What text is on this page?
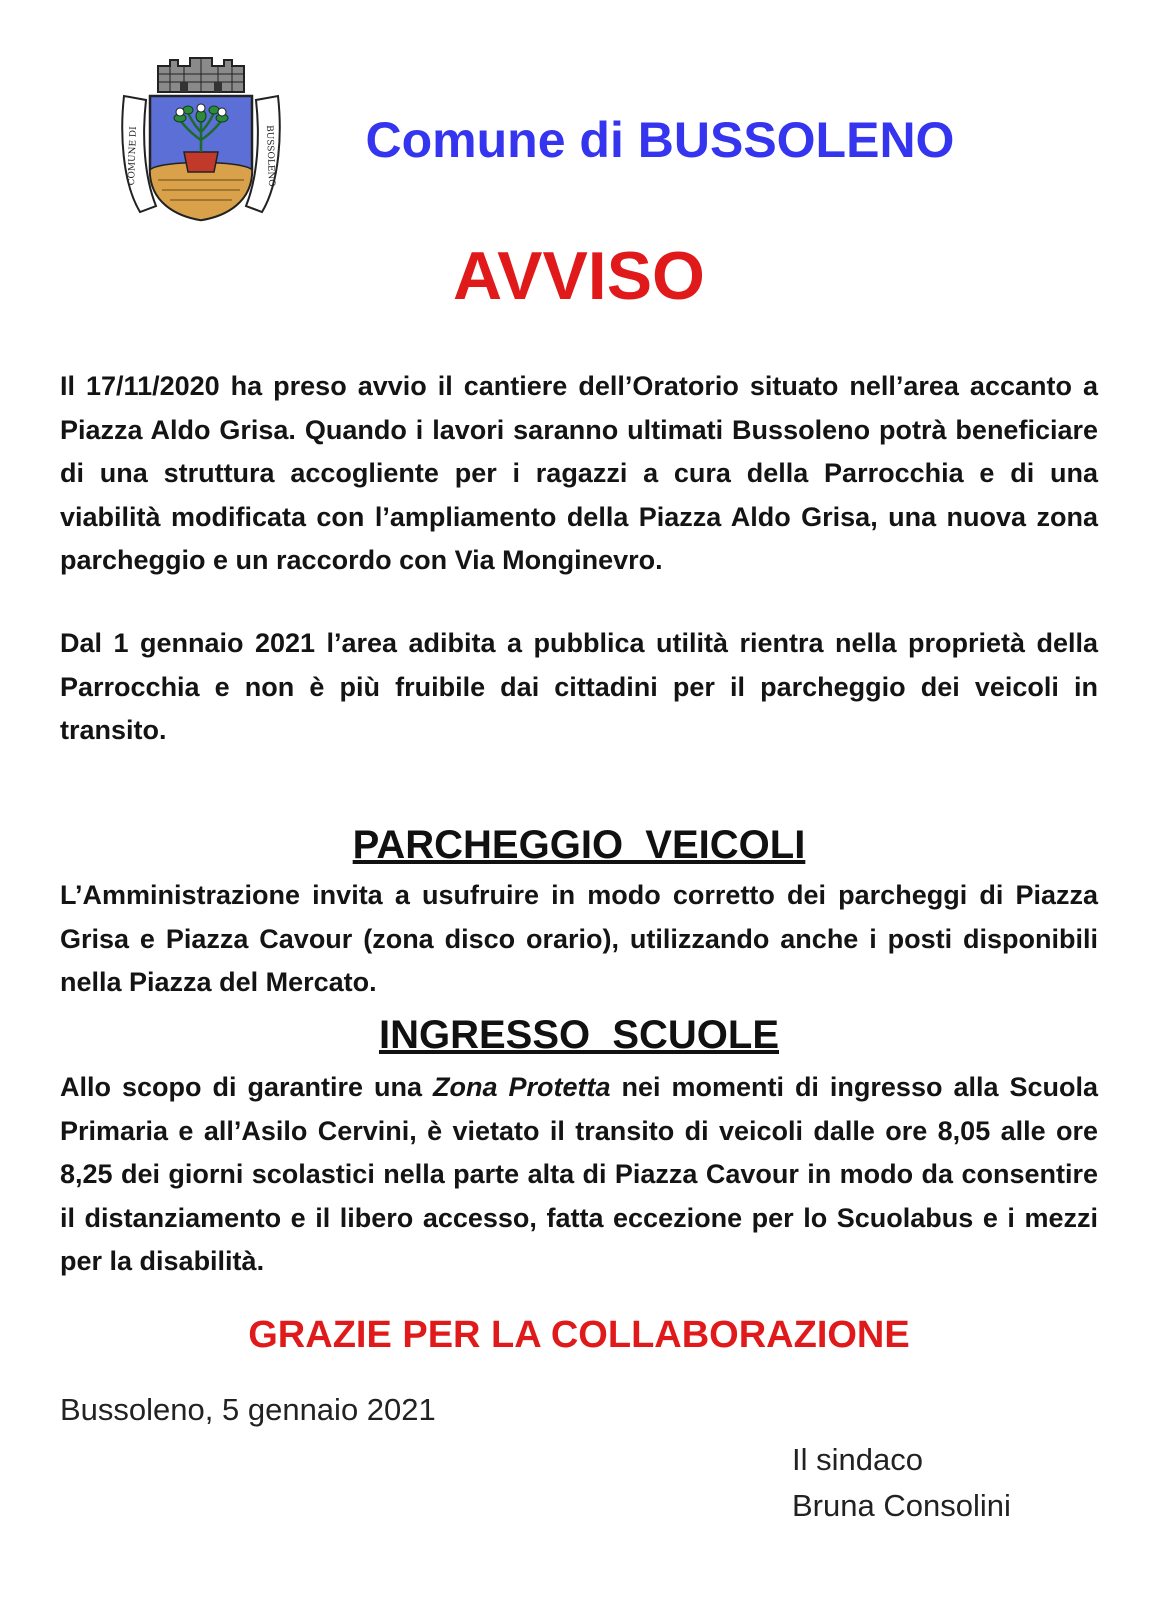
COMUNE DI	BUSSOLENO	Comune di BUSSOLENO
AVVISO

Il 17/11/2020 ha preso avvio il cantiere dell’Oratorio situato nell’area accanto a Piazza Aldo Grisa. Quando i lavori saranno ultimati Bussoleno potrà beneficiare di una struttura accogliente per i ragazzi a cura della Parrocchia e di una viabilità modificata con l’ampliamento della Piazza Aldo Grisa, una nuova zona parcheggio e un raccordo con Via Monginevro.

Dal 1 gennaio 2021 l’area adibita a pubblica utilità rientra nella proprietà della Parrocchia e non è più fruibile dai cittadini per il parcheggio dei veicoli in transito.

PARCHEGGIO  VEICOLI

L’Amministrazione invita a usufruire in modo corretto dei parcheggi di Piazza Grisa e Piazza Cavour (zona disco orario), utilizzando anche i posti disponibili nella Piazza del Mercato.

INGRESSO  SCUOLE

Allo scopo di garantire una Zona Protetta nei momenti di ingresso alla Scuola Primaria e all’Asilo Cervini, è vietato il transito di veicoli dalle ore 8,05 alle ore 8,25 dei giorni scolastici nella parte alta di Piazza Cavour in modo da consentire il distanziamento e il libero accesso, fatta eccezione per lo Scuolabus e i mezzi per la disabilità.

GRAZIE PER LA COLLABORAZIONE
Bussoleno, 5 gennaio 2021
Il sindaco
Bruna Consolini
